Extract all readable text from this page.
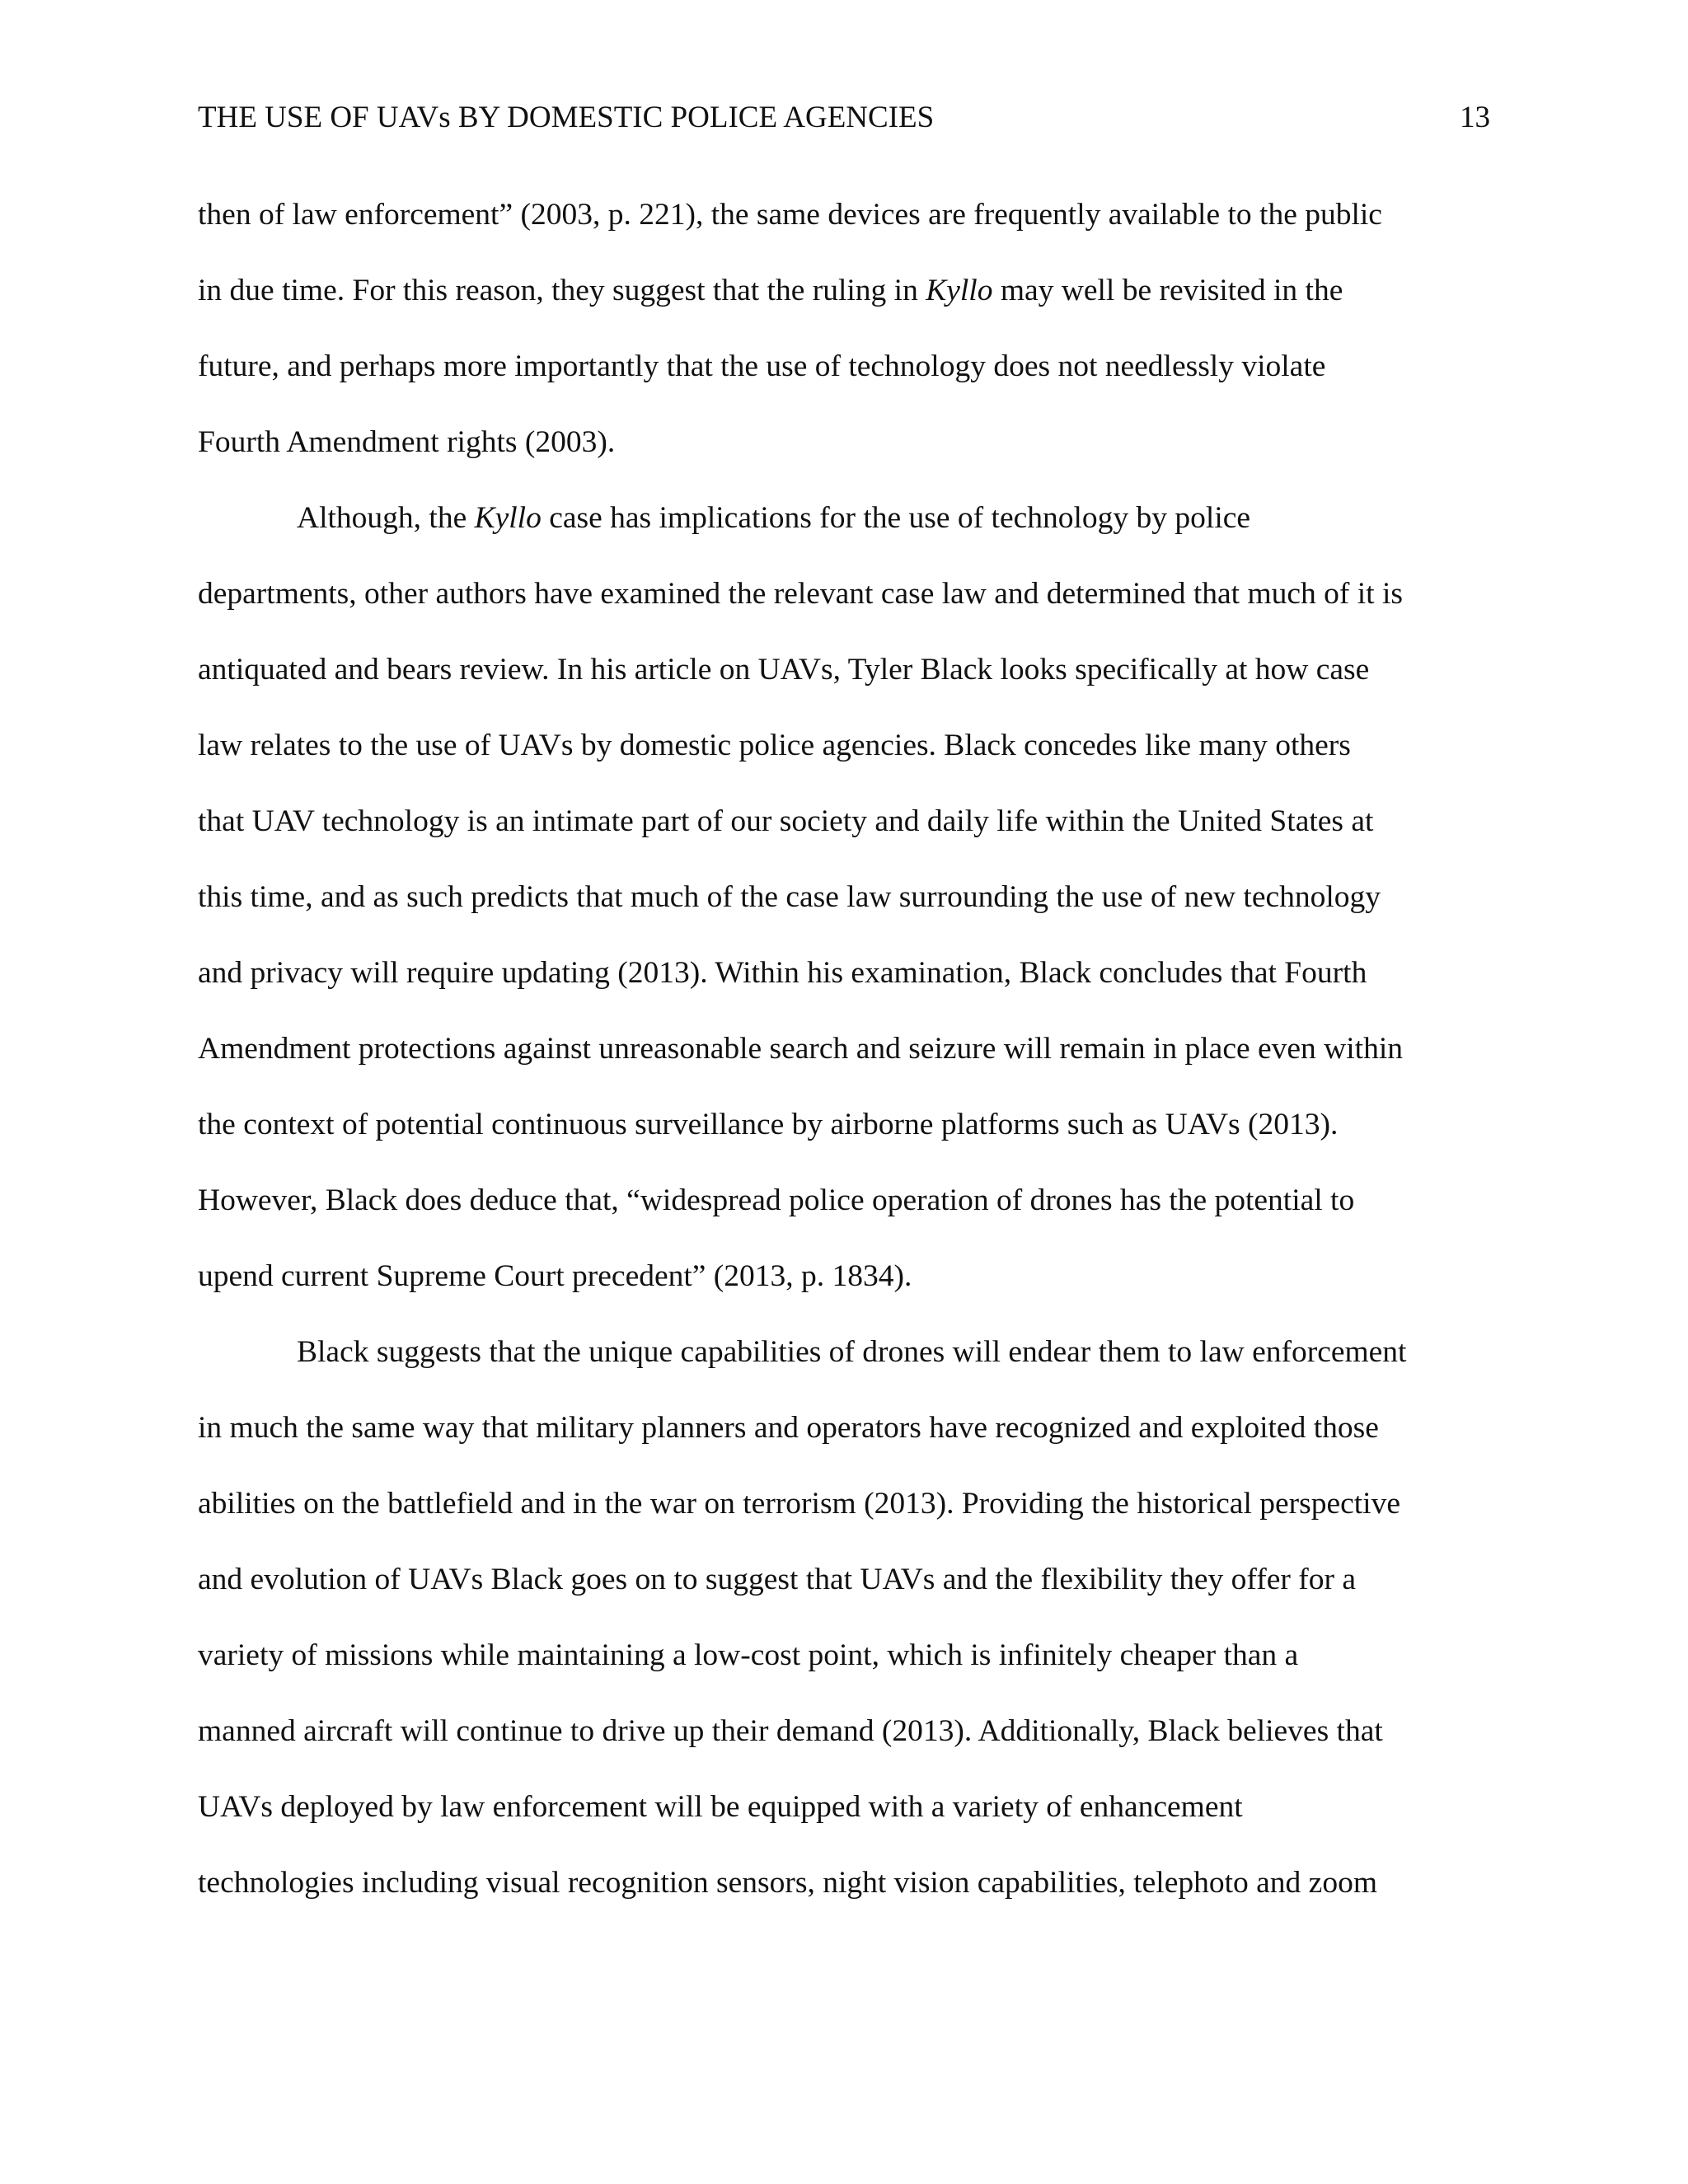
THE USE OF UAVs BY DOMESTIC POLICE AGENCIES	13
then of law enforcement” (2003, p. 221), the same devices are frequently available to the public
in due time. For this reason, they suggest that the ruling in Kyllo may well be revisited in the
future, and perhaps more importantly that the use of technology does not needlessly violate
Fourth Amendment rights (2003).
Although, the Kyllo case has implications for the use of technology by police
departments, other authors have examined the relevant case law and determined that much of it is
antiquated and bears review. In his article on UAVs, Tyler Black looks specifically at how case
law relates to the use of UAVs by domestic police agencies. Black concedes like many others
that UAV technology is an intimate part of our society and daily life within the United States at
this time, and as such predicts that much of the case law surrounding the use of new technology
and privacy will require updating (2013). Within his examination, Black concludes that Fourth
Amendment protections against unreasonable search and seizure will remain in place even within
the context of potential continuous surveillance by airborne platforms such as UAVs (2013).
However, Black does deduce that, “widespread police operation of drones has the potential to
upend current Supreme Court precedent” (2013, p. 1834).
Black suggests that the unique capabilities of drones will endear them to law enforcement
in much the same way that military planners and operators have recognized and exploited those
abilities on the battlefield and in the war on terrorism (2013). Providing the historical perspective
and evolution of UAVs Black goes on to suggest that UAVs and the flexibility they offer for a
variety of missions while maintaining a low-cost point, which is infinitely cheaper than a
manned aircraft will continue to drive up their demand (2013). Additionally, Black believes that
UAVs deployed by law enforcement will be equipped with a variety of enhancement
technologies including visual recognition sensors, night vision capabilities, telephoto and zoom
